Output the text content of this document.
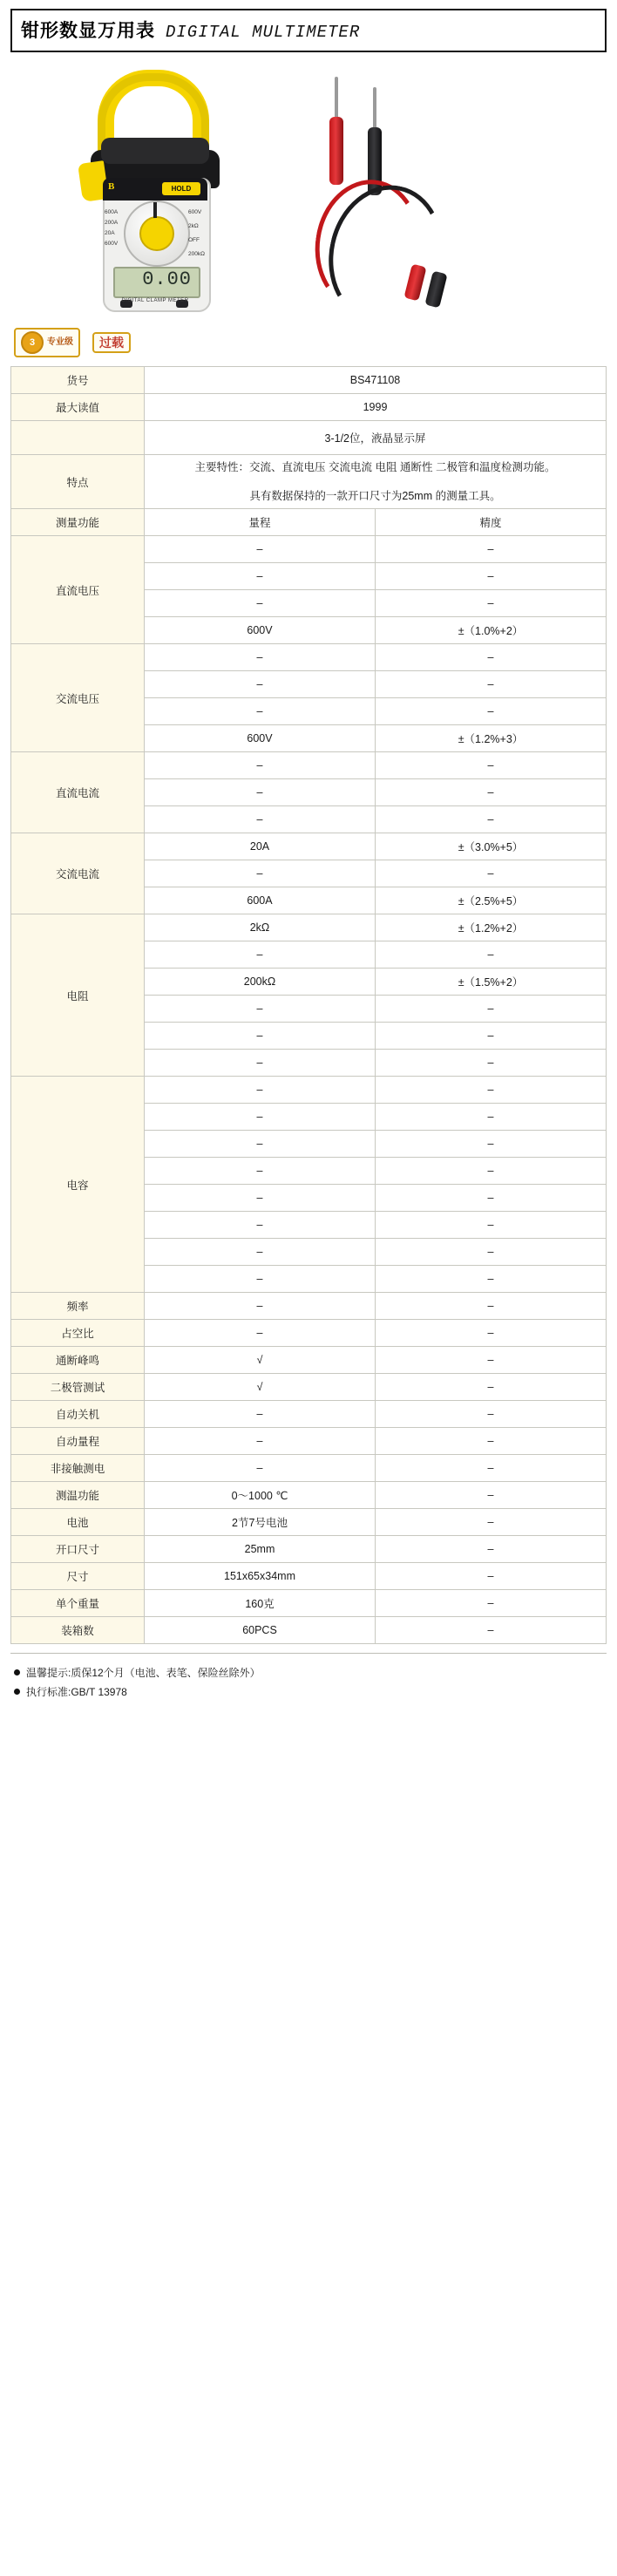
钳形数显万用表 DIGITAL MULTIMETER
B	HOLD
600A
200A
20A
600V
600V
2kΩ
OFF
200kΩ
0.00
DIGITAL CLAMP METER
3	专业级 过载
货号	BS471108	
最大读值	1999	
	3-1/2位，液晶显示屏	
特点	主要特性：交流、直流电压 交流电流 电阻 通断性 二极管和温度检测功能。

具有数据保持的一款开口尺寸为25mm 的测量工具。	

测量功能	量程	精度
直流电压	–	–
	–	–
	–	–
	600V	±（1.0%+2）
交流电压	–	–
	–	–
	–	–
	600V	±（1.2%+3）
直流电流	–	–
	–	–
	–	–
交流电流	20A	±（3.0%+5）
	–	–
	600A	±（2.5%+5）
电阻	2kΩ	±（1.2%+2）
	–	–
	200kΩ	±（1.5%+2）
	–	–
	–	–
	–	–
电容	–	–
	–	–
	–	–
	–	–
	–	–
	–	–
	–	–
	–	–
频率	–	–
占空比	–	–
通断峰鸣	√	–
二极管测试	√	–
自动关机	–	–
自动量程	–	–
非接触测电	–	–
测温功能	0～1000 ℃	–
电池	2节7号电池	–
开口尺寸	25mm	–
尺寸	151x65x34mm	–
单个重量	160克	–
装箱数	60PCS	–
温馨提示:质保12个月（电池、表笔、保险丝除外）
执行标准:GB/T 13978
